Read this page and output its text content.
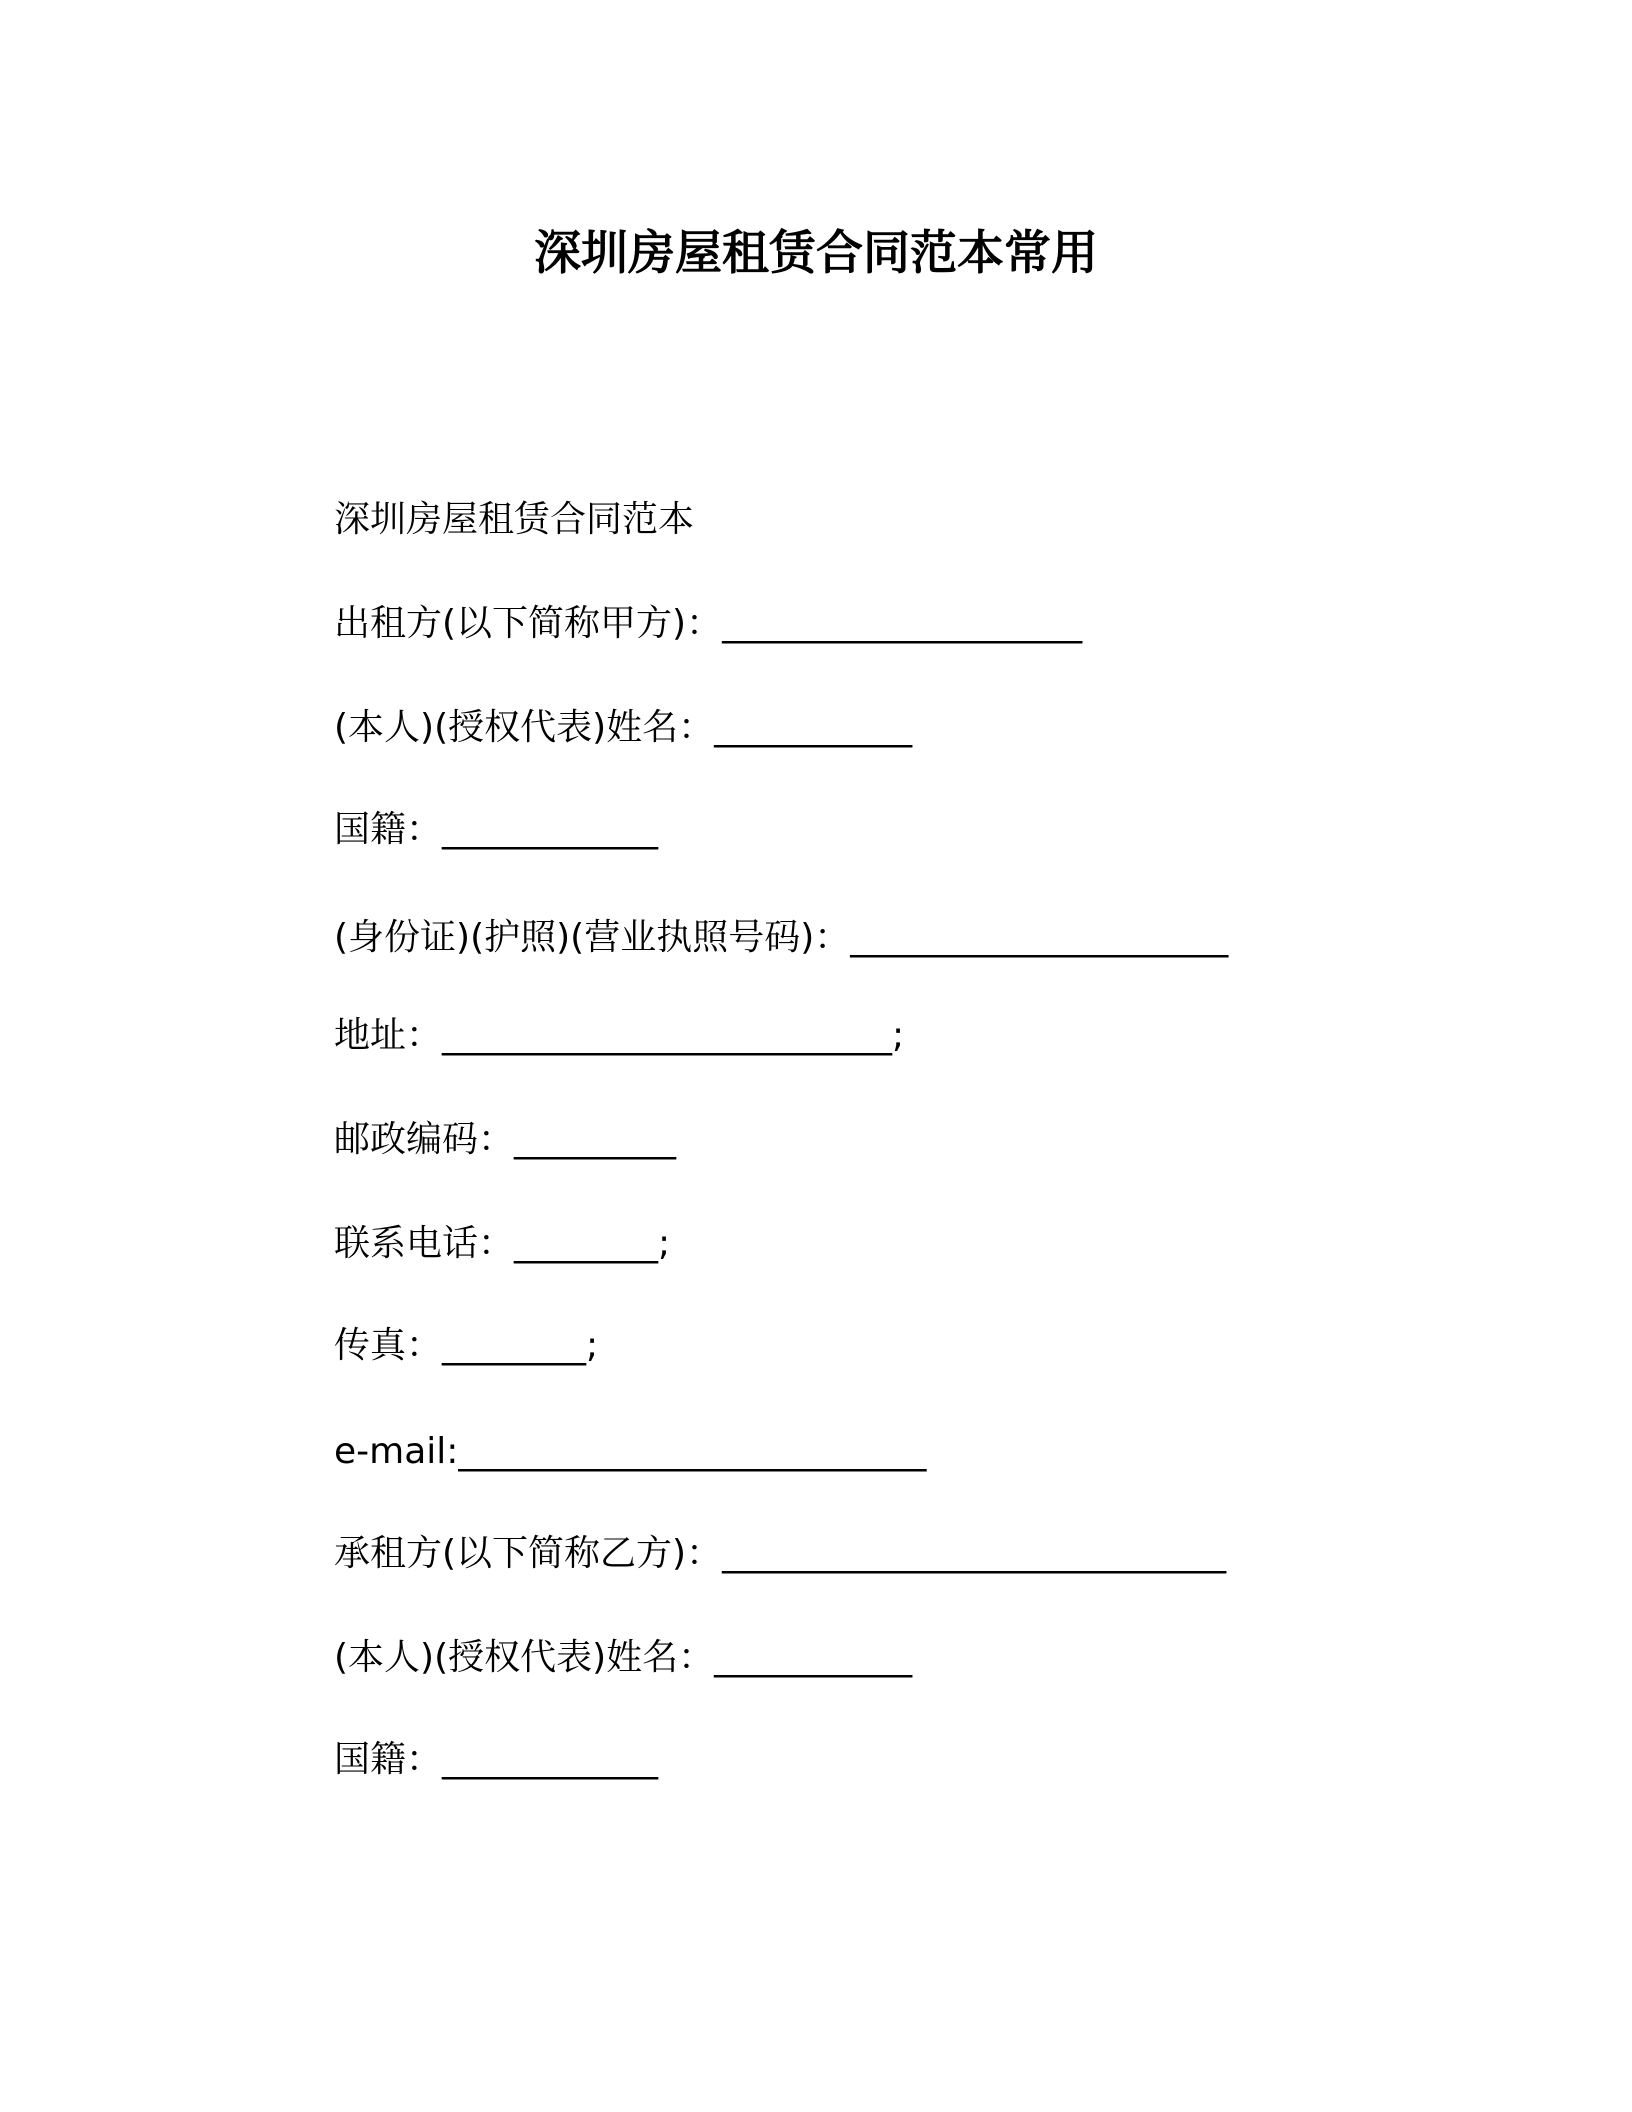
深圳房屋租赁合同范本常用

深圳房屋租赁合同范本

出租方(以下简称甲方)：____________________

(本人)(授权代表)姓名：___________

国籍：____________

(身份证)(护照)(营业执照号码)：_____________________

地址：_________________________;

邮政编码：_________

联系电话：________;

传真：________;

e-mail:__________________________

承租方(以下简称乙方)：____________________________

(本人)(授权代表)姓名：___________

国籍：____________
